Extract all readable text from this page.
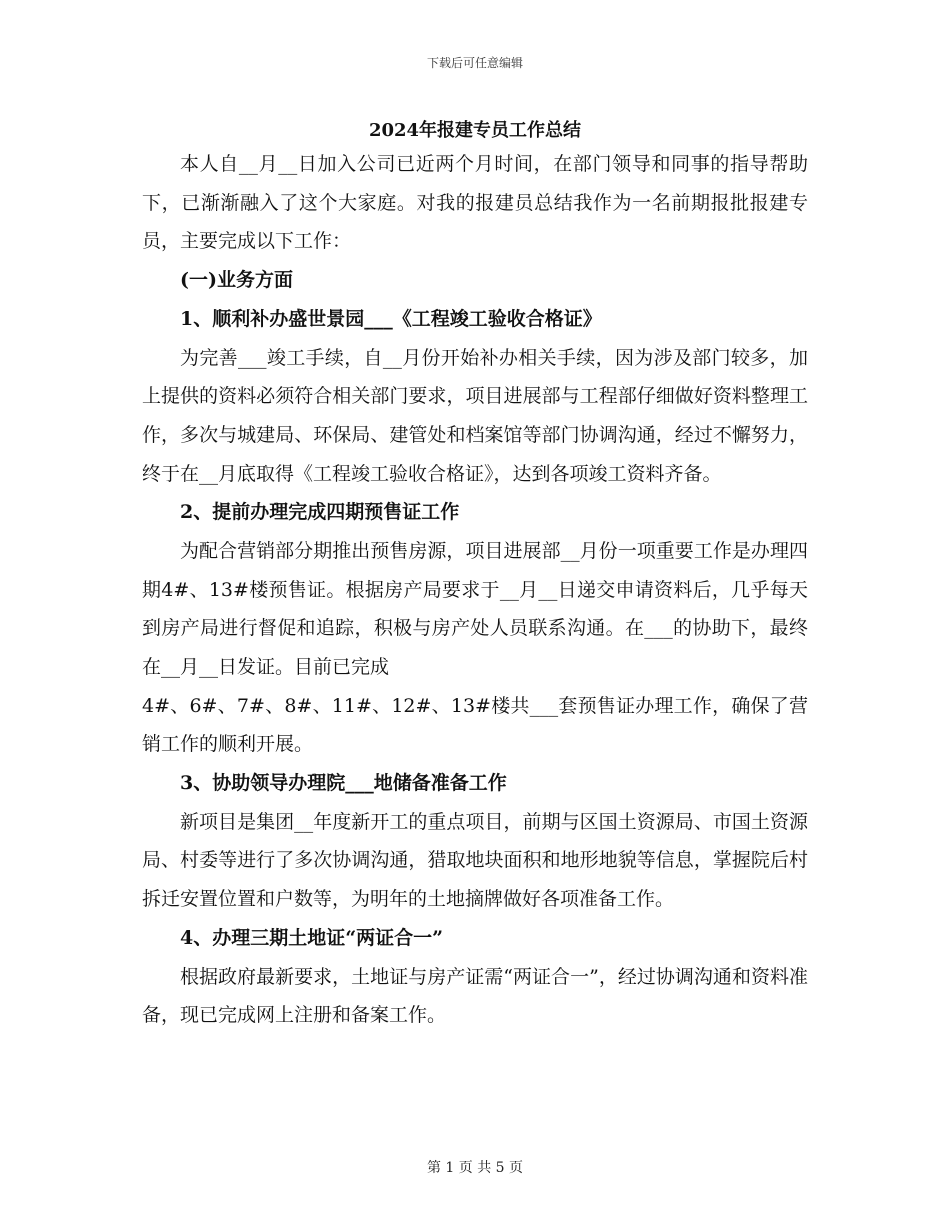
下载后可任意编辑
2024年报建专员工作总结

本人自__月__日加入公司已近两个月时间，在部门领导和同事的指导帮助下，已渐渐融入了这个大家庭。对我的报建员总结我作为一名前期报批报建专员，主要完成以下工作：

(一)业务方面
1、顺利补办盛世景园___《工程竣工验收合格证》

为完善___竣工手续，自__月份开始补办相关手续，因为涉及部门较多，加上提供的资料必须符合相关部门要求，项目进展部与工程部仔细做好资料整理工作，多次与城建局、环保局、建管处和档案馆等部门协调沟通，经过不懈努力，终于在__月底取得《工程竣工验收合格证》，达到各项竣工资料齐备。

2、提前办理完成四期预售证工作

为配合营销部分期推出预售房源，项目进展部__月份一项重要工作是办理四期4#、13#楼预售证。根据房产局要求于__月__日递交申请资料后，几乎每天到房产局进行督促和追踪，积极与房产处人员联系沟通。在___的协助下，最终在__月__日发证。目前已完成

4#、6#、7#、8#、11#、12#、13#楼共___套预售证办理工作，确保了营销工作的顺利开展。

3、协助领导办理院___地储备准备工作

新项目是集团__年度新开工的重点项目，前期与区国土资源局、市国土资源局、村委等进行了多次协调沟通，猎取地块面积和地形地貌等信息，掌握院后村拆迁安置位置和户数等，为明年的土地摘牌做好各项准备工作。

4、办理三期土地证“两证合一”

根据政府最新要求，土地证与房产证需“两证合一”，经过协调沟通和资料准备，现已完成网上注册和备案工作。

第 1 页 共 5 页
